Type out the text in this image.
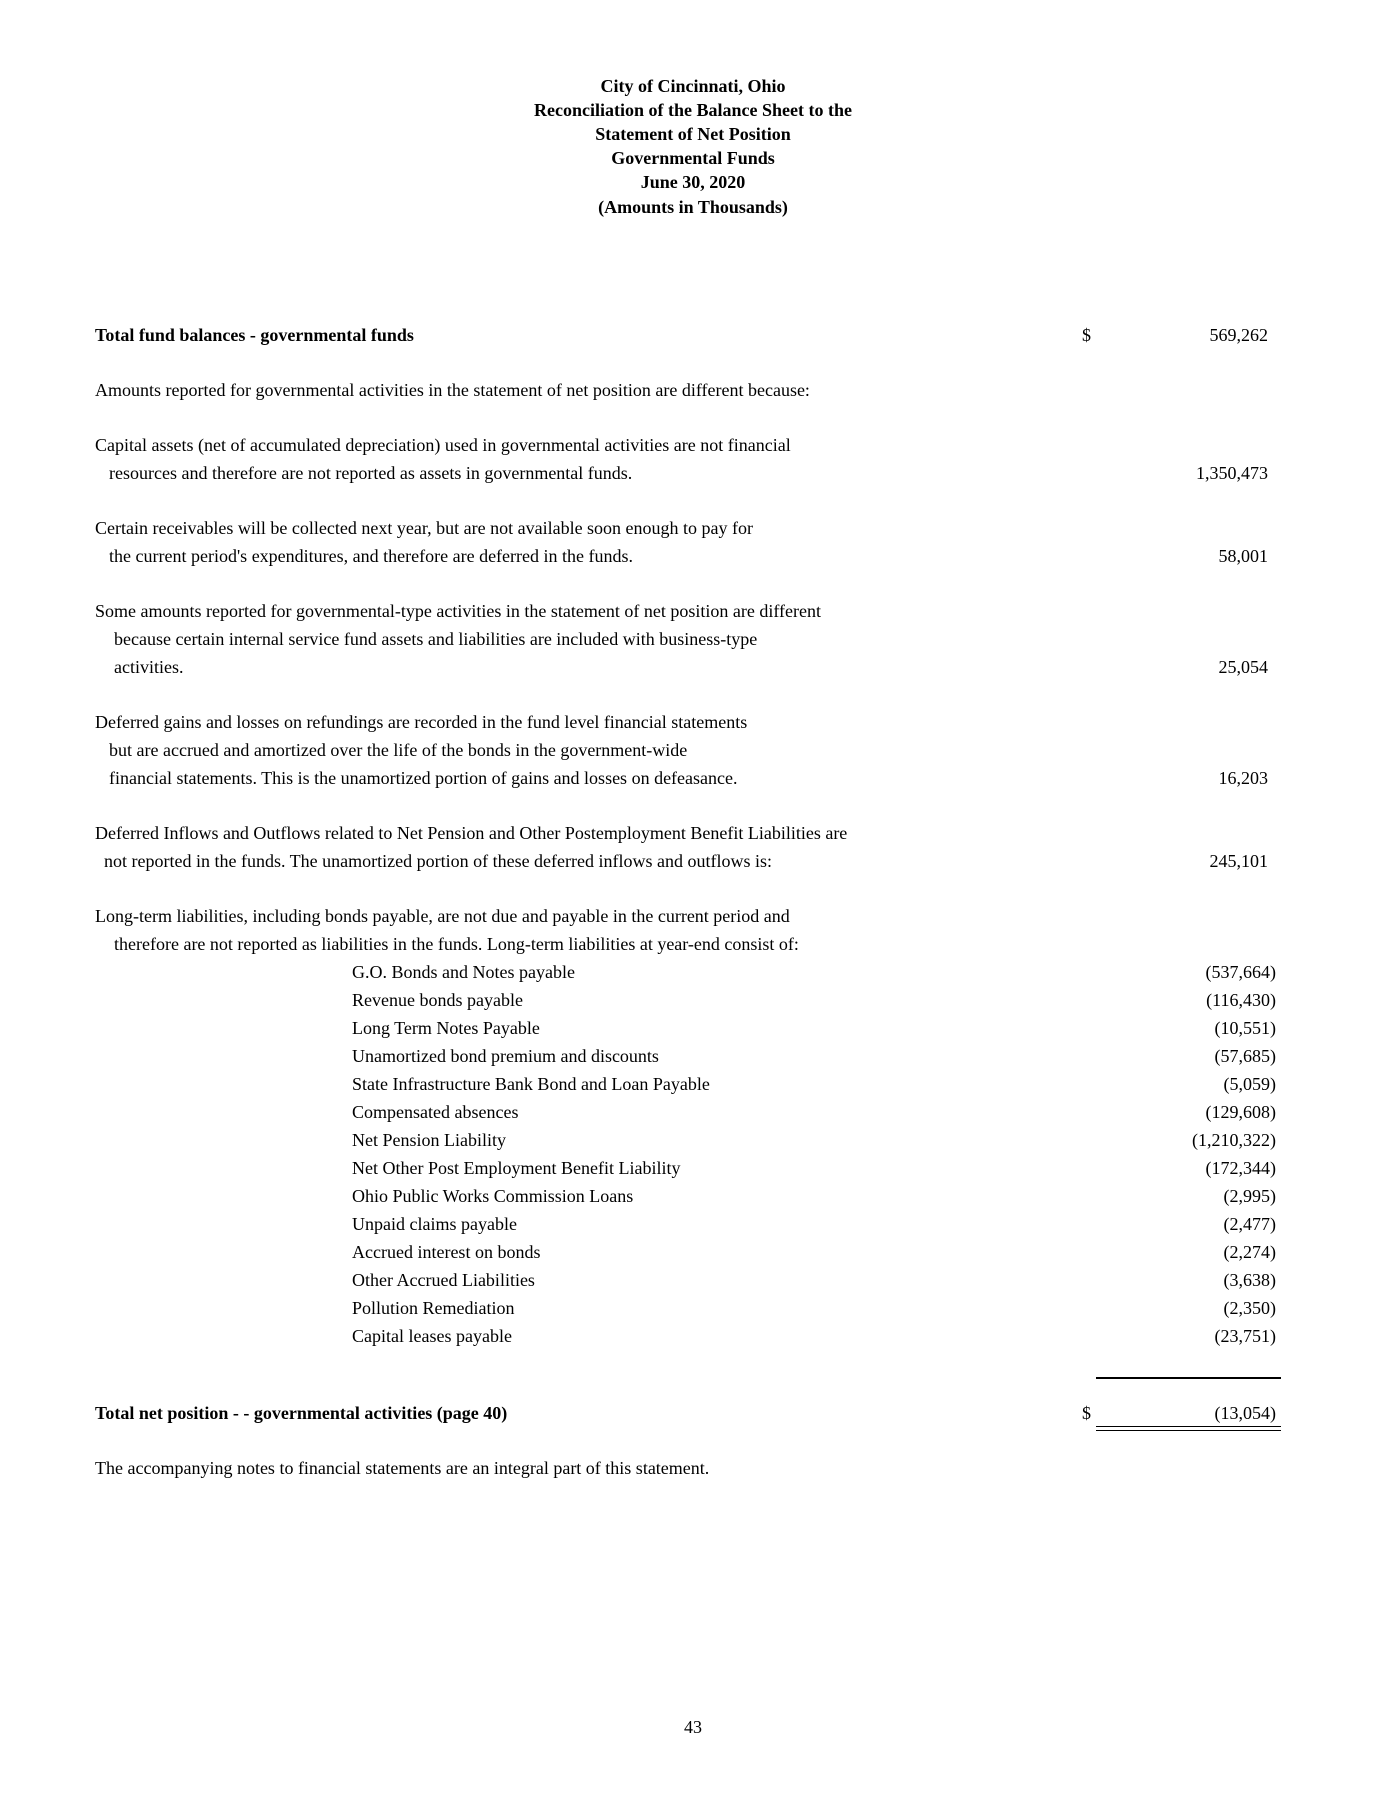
City of Cincinnati, Ohio
Reconciliation of the Balance Sheet to the
Statement of Net Position
Governmental Funds
June 30, 2020
(Amounts in Thousands)
Total fund balances - governmental funds	$	569,262
Amounts reported for governmental activities in the statement of net position are different because:
Capital assets (net of accumulated depreciation) used in governmental activities are not financial
resources and therefore are not reported as assets in governmental funds.	1,350,473
Certain receivables will be collected next year, but are not available soon enough to pay for
the current period's expenditures, and therefore are deferred in the funds.	58,001
Some amounts reported for governmental-type activities in the statement of net position are different
because certain internal service fund assets and liabilities are included with business-type
activities.	25,054
Deferred gains and losses on refundings are recorded in the fund level financial statements
but are accrued and amortized over the life of the bonds in the government-wide
financial statements. This is the unamortized portion of gains and losses on defeasance.	16,203
Deferred Inflows and Outflows related to Net Pension and Other Postemployment Benefit Liabilities are
not reported in the funds. The unamortized portion of these deferred inflows and outflows is:	245,101
Long-term liabilities, including bonds payable, are not due and payable in the current period and
therefore are not reported as liabilities in the funds. Long-term liabilities at year-end consist of:
G.O. Bonds and Notes payable	(537,664)
Revenue bonds payable	(116,430)
Long Term Notes Payable	(10,551)
Unamortized bond premium and discounts	(57,685)
State Infrastructure Bank Bond and Loan Payable	(5,059)
Compensated absences	(129,608)
Net Pension Liability	(1,210,322)
Net Other Post Employment Benefit Liability	(172,344)
Ohio Public Works Commission Loans	(2,995)
Unpaid claims payable	(2,477)
Accrued interest on bonds	(2,274)
Other Accrued Liabilities	(3,638)
Pollution Remediation	(2,350)
Capital leases payable	(23,751)
Total net position - - governmental activities (page 40)	$	(13,054)
The accompanying notes to financial statements are an integral part of this statement.
43
